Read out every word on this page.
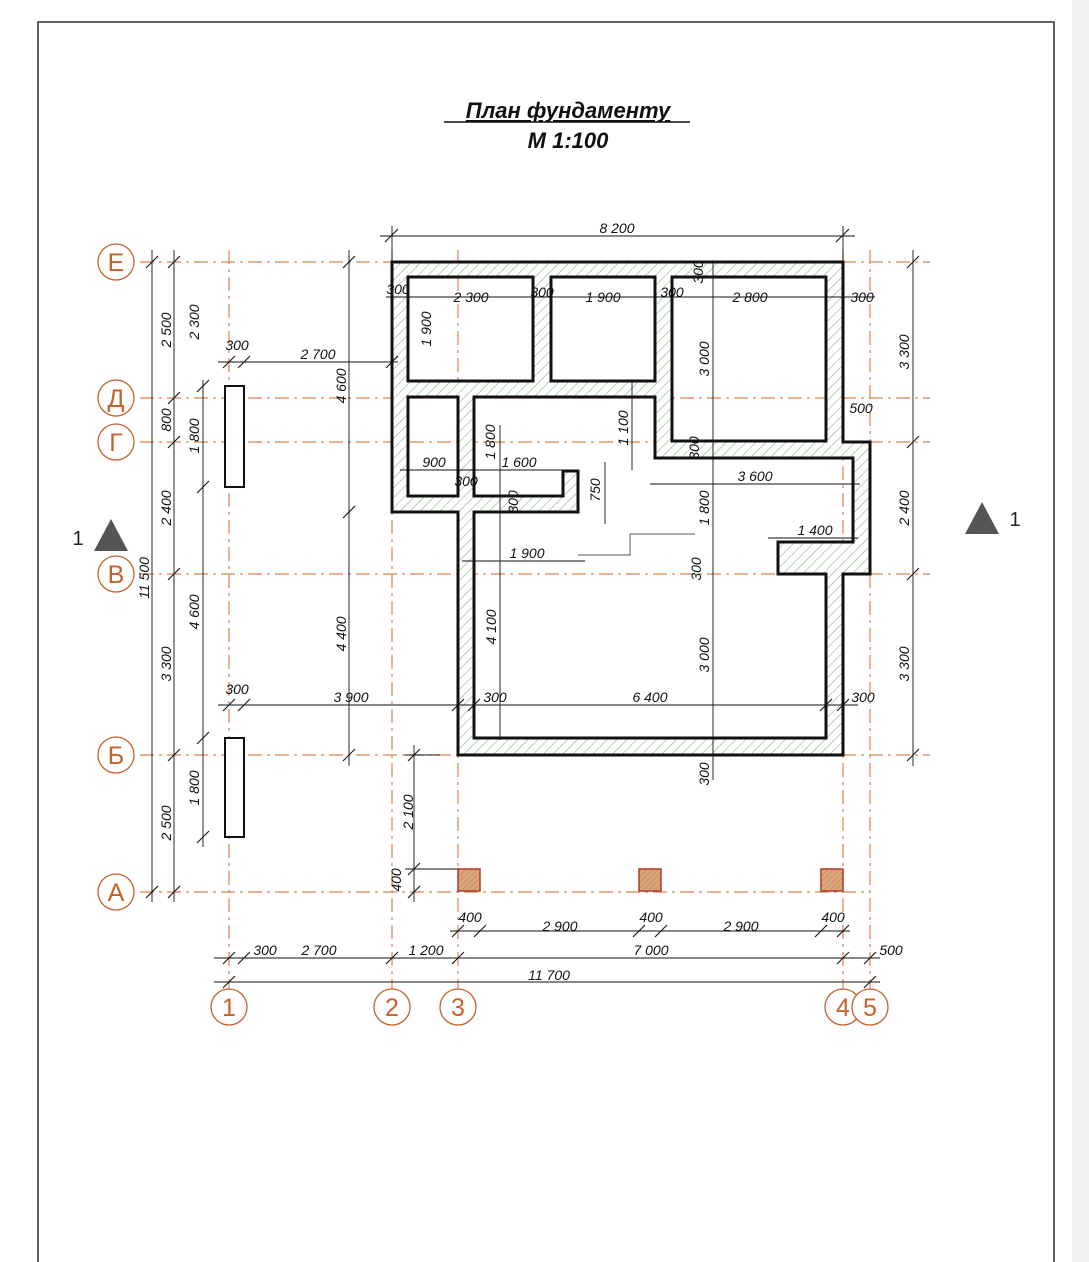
План фундаменту
М 1:100
Е
Д
Г
В
Б
А
1	2 3	4 5
1
1
8 200
300	2 300	300 1 900	300	2 800	300
300
3 300
2 400
3 300
500
2 500 2 300
800 1 800
2 400
4 600
3 300
1 800
2 500
11 500
300
2 700
4 600
4 400
300	3 900
1 900
3 000
1 100
1 800	300
900	1 600
300
300
750
3 600
1 800
1 400
1 900
300
4 100
3 000
300	6 400	300
300
2 100
400
400
2 900
400
2 900
400
300 2 700	1 200	7 000	500
11 700
